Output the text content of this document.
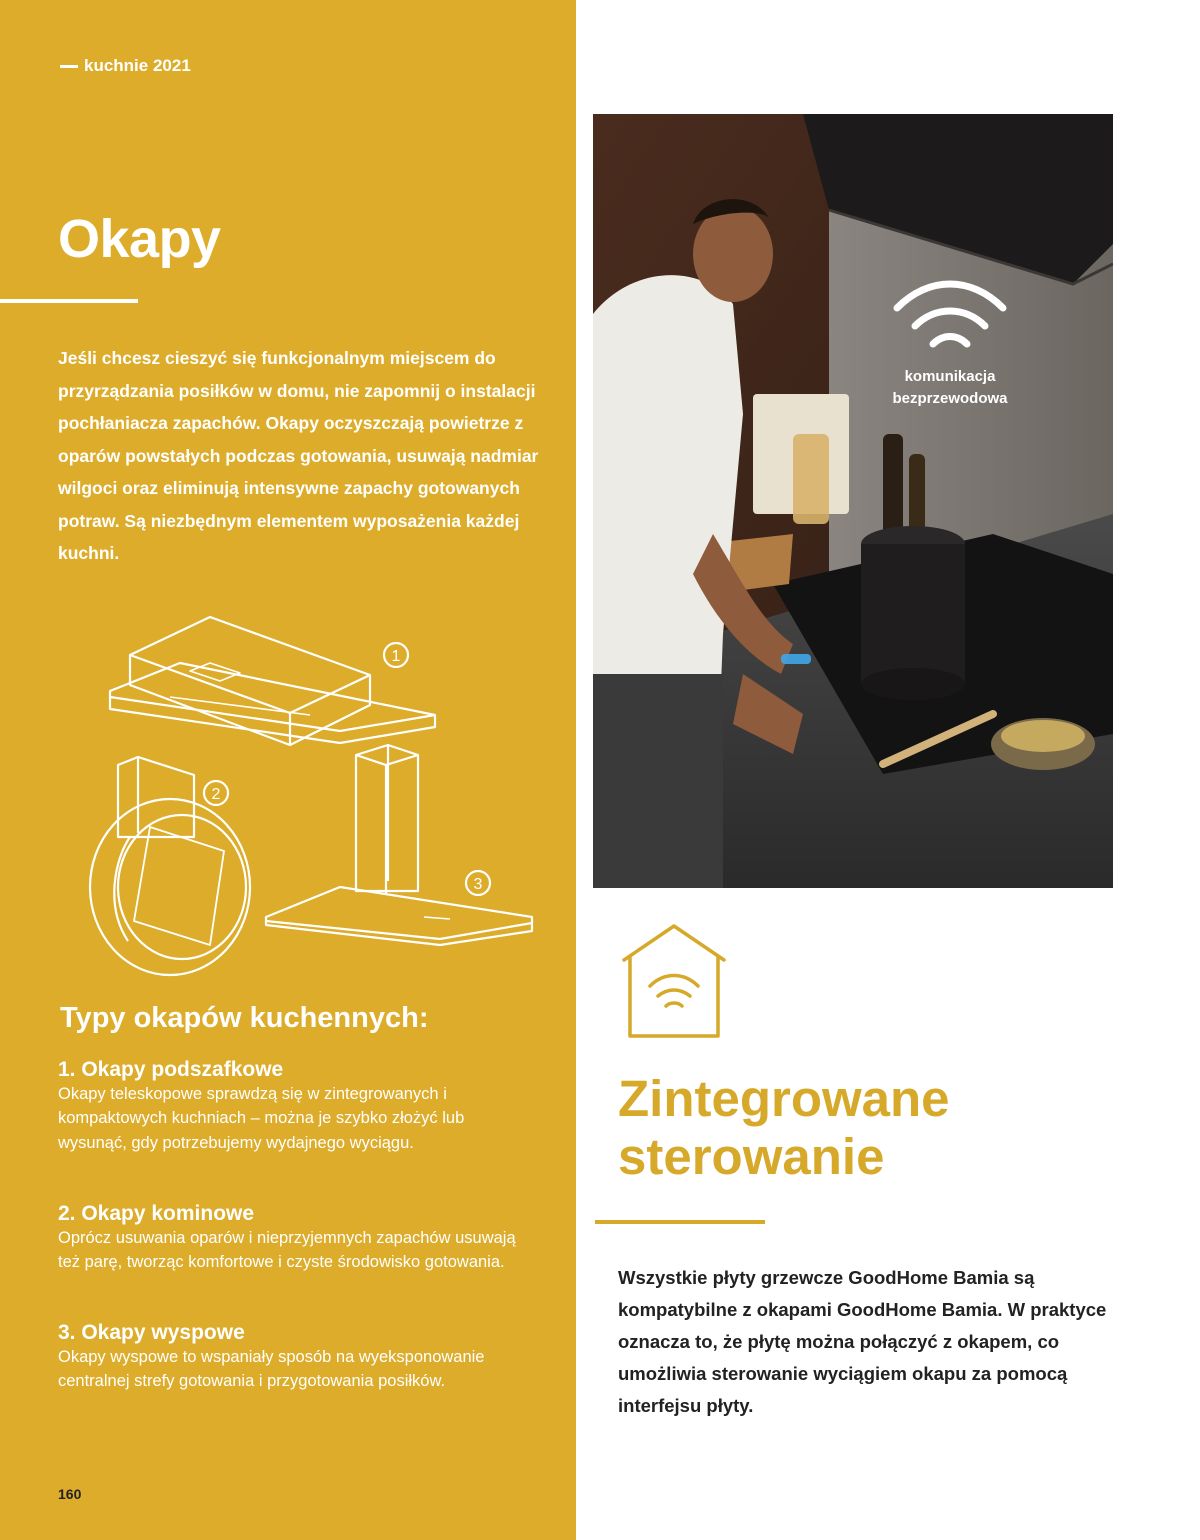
kuchnie 2021
Okapy

Jeśli chcesz cieszyć się funkcjonalnym miejscem do przyrządzania posiłków w domu, nie zapomnij o instalacji pochłaniacza zapachów. Okapy oczyszczają powietrze z oparów powstałych podczas gotowania, usuwają nadmiar wilgoci oraz eliminują intensywne zapachy gotowanych potraw. Są niezbędnym elementem wyposażenia każdej kuchni.

1
2
3
Typy okapów kuchennych:
1. Okapy podszafkowe

Okapy teleskopowe sprawdzą się w zintegrowanych i kompaktowych kuchniach – można je szybko złożyć lub wysunąć, gdy potrzebujemy wydajnego wyciągu.

2. Okapy kominowe

Oprócz usuwania oparów i nieprzyjemnych zapachów usuwają też parę, tworząc komfortowe i czyste środowisko gotowania.

3. Okapy wyspowe

Okapy wyspowe to wspaniały sposób na wyeksponowanie centralnej strefy gotowania i przygotowania posiłków.

160
komunikacja
bezprzewodowa
Zintegrowane
sterowanie

Wszystkie płyty grzewcze GoodHome Bamia są kompatybilne z okapami GoodHome Bamia. W praktyce oznacza to, że płytę można połączyć z okapem, co umożliwia sterowanie wyciągiem okapu za pomocą interfejsu płyty.
